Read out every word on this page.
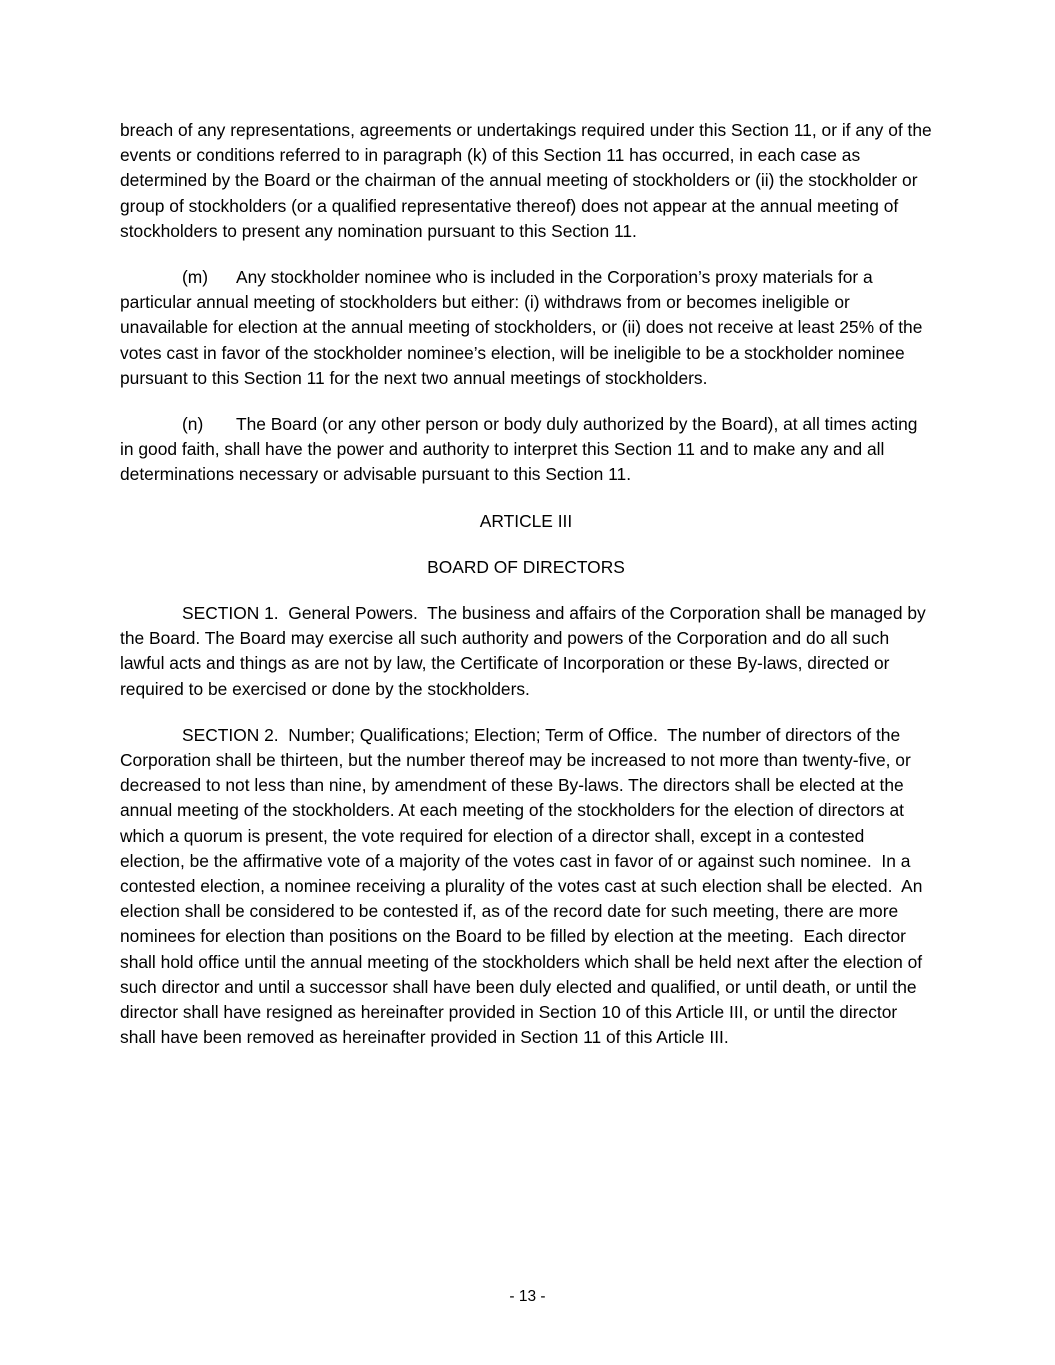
breach of any representations, agreements or undertakings required under this Section 11, or if any of the events or conditions referred to in paragraph (k) of this Section 11 has occurred, in each case as determined by the Board or the chairman of the annual meeting of stockholders or (ii) the stockholder or group of stockholders (or a qualified representative thereof) does not appear at the annual meeting of stockholders to present any nomination pursuant to this Section 11.

(m)	Any stockholder nominee who is included in the Corporation’s proxy materials for a particular annual meeting of stockholders but either: (i) withdraws from or becomes ineligible or unavailable for election at the annual meeting of stockholders, or (ii) does not receive at least 25% of the votes cast in favor of the stockholder nominee’s election, will be ineligible to be a stockholder nominee pursuant to this Section 11 for the next two annual meetings of stockholders.

(n)	The Board (or any other person or body duly authorized by the Board), at all times acting in good faith, shall have the power and authority to interpret this Section 11 and to make any and all determinations necessary or advisable pursuant to this Section 11.

ARTICLE III

BOARD OF DIRECTORS

SECTION 1.  General Powers.  The business and affairs of the Corporation shall be managed by the Board. The Board may exercise all such authority and powers of the Corporation and do all such lawful acts and things as are not by law, the Certificate of Incorporation or these By-laws, directed or required to be exercised or done by the stockholders.

SECTION 2.  Number; Qualifications; Election; Term of Office.  The number of directors of the Corporation shall be thirteen, but the number thereof may be increased to not more than twenty-five, or decreased to not less than nine, by amendment of these By-laws. The directors shall be elected at the annual meeting of the stockholders. At each meeting of the stockholders for the election of directors at which a quorum is present, the vote required for election of a director shall, except in a contested election, be the affirmative vote of a majority of the votes cast in favor of or against such nominee.  In a contested election, a nominee receiving a plurality of the votes cast at such election shall be elected.  An election shall be considered to be contested if, as of the record date for such meeting, there are more nominees for election than positions on the Board to be filled by election at the meeting.  Each director shall hold office until the annual meeting of the stockholders which shall be held next after the election of such director and until a successor shall have been duly elected and qualified, or until death, or until the director shall have resigned as hereinafter provided in Section 10 of this Article III, or until the director shall have been removed as hereinafter provided in Section 11 of this Article III.

- 13 -
